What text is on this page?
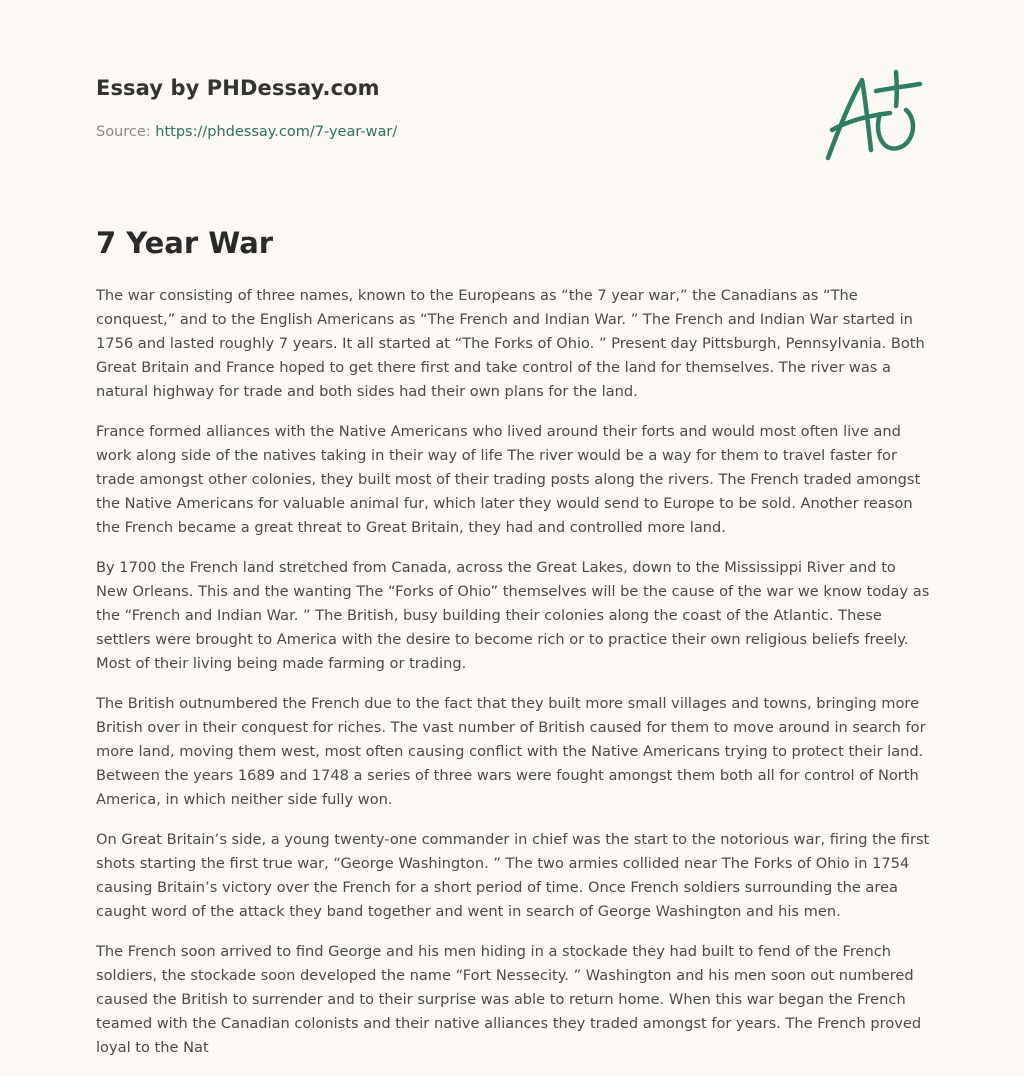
Essay by PHDessay.com
Source: https://phdessay.com/7-year-war/
7 Year War

The war consisting of three names, known to the Europeans as “the 7 year war,” the Canadians as “The conquest,” and to the English Americans as “The French and Indian War. ” The French and Indian War started in 1756 and lasted roughly 7 years. It all started at “The Forks of Ohio. ” Present day Pittsburgh, Pennsylvania. Both Great Britain and France hoped to get there first and take control of the land for themselves. The river was a natural highway for trade and both sides had their own plans for the land.

France formed alliances with the Native Americans who lived around their forts and would most often live and work along side of the natives taking in their way of life The river would be a way for them to travel faster for trade amongst other colonies, they built most of their trading posts along the rivers. The French traded amongst the Native Americans for valuable animal fur, which later they would send to Europe to be sold. Another reason the French became a great threat to Great Britain, they had and controlled more land.

By 1700 the French land stretched from Canada, across the Great Lakes, down to the Mississippi River and to New Orleans. This and the wanting The “Forks of Ohio” themselves will be the cause of the war we know today as the “French and Indian War. ” The British, busy building their colonies along the coast of the Atlantic. These settlers were brought to America with the desire to become rich or to practice their own religious beliefs freely. Most of their living being made farming or trading.

The British outnumbered the French due to the fact that they built more small villages and towns, bringing more British over in their conquest for riches. The vast number of British caused for them to move around in search for more land, moving them west, most often causing conflict with the Native Americans trying to protect their land. Between the years 1689 and 1748 a series of three wars were fought amongst them both all for control of North America, in which neither side fully won.

On Great Britain’s side, a young twenty-one commander in chief was the start to the notorious war, firing the first shots starting the first true war, “George Washington. ” The two armies collided near The Forks of Ohio in 1754 causing Britain’s victory over the French for a short period of time. Once French soldiers surrounding the area caught word of the attack they band together and went in search of George Washington and his men.

The French soon arrived to find George and his men hiding in a stockade they had built to fend of the French soldiers, the stockade soon developed the name “Fort Nessecity. ” Washington and his men soon out numbered caused the British to surrender and to their surprise was able to return home. When this war began the French teamed with the Canadian colonists and their native alliances they traded amongst for years. The French proved loyal to the Nat
